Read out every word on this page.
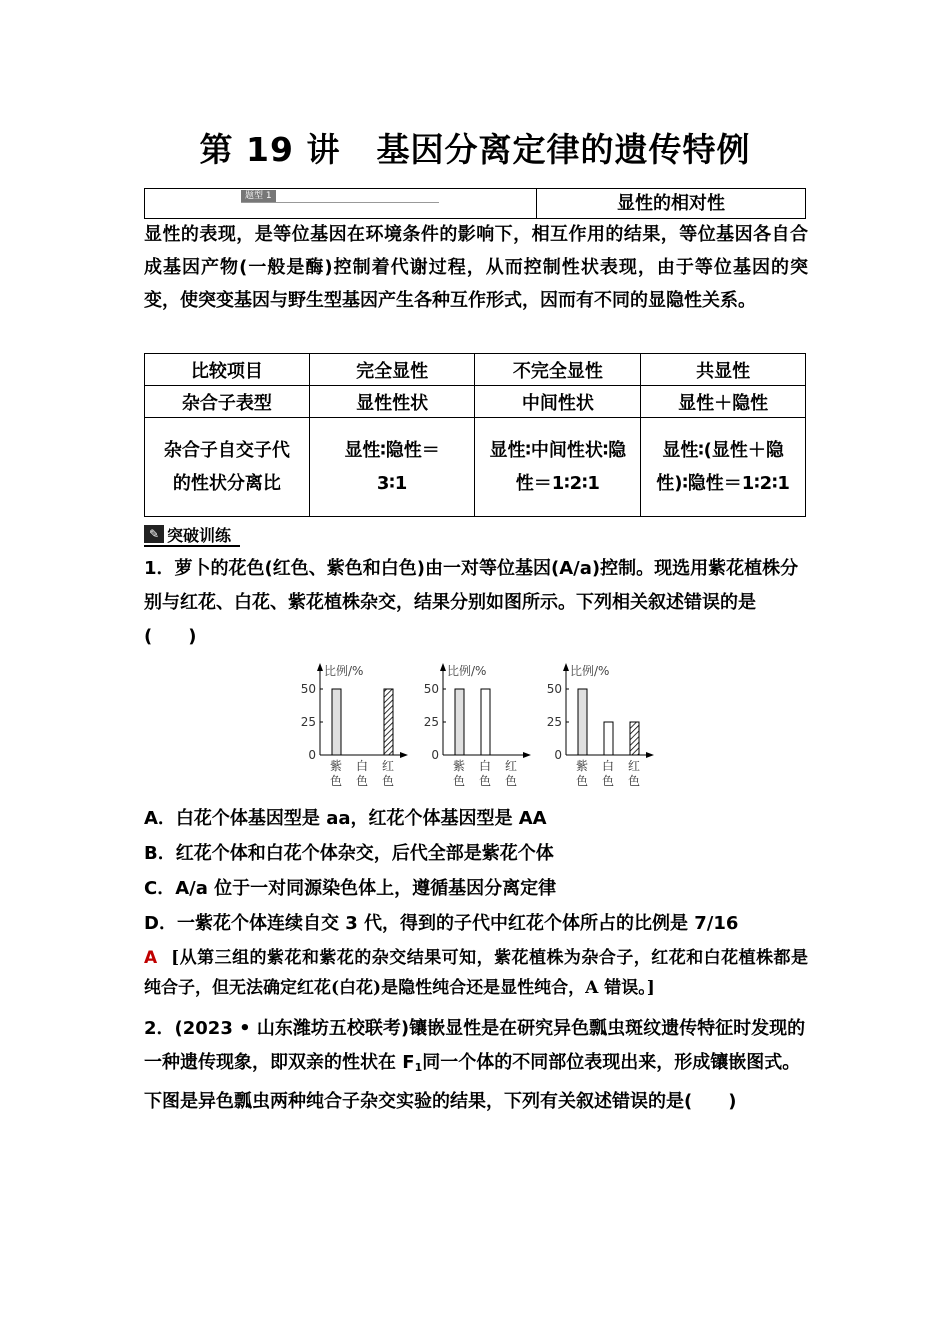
第 19 讲 基因分离定律的遗传特例
题型 1	显性的相对性
显性的表现，是等位基因在环境条件的影响下，相互作用的结果，等位基因各自合成基因产物(一般是酶)控制着代谢过程，从而控制性状表现，由于等位基因的突变，使突变基因与野生型基因产生各种互作形式，因而有不同的显隐性关系。
比较项目	完全显性	不完全显性	共显性
杂合子表型	显性性状	中间性状	显性＋隐性
杂合子自交子代的性状分离比	显性∶隐性＝3∶1	显性∶中间性状∶隐性＝1∶2∶1	显性∶(显性＋隐性)∶隐性＝1∶2∶1
✎ 突破训练
1．萝卜的花色(红色、紫色和白色)由一对等位基因(A/a)控制。现选用紫花植株分别与红花、白花、紫花植株杂交，结果分别如图所示。下列相关叙述错误的是　(　　)
比例/%
0
25
50
紫
色
白
色
红
色
比例/%
0
25
50
紫
色
白
色
红
色
比例/%
0
25
50
紫
色
白
色
红
色
A．白花个体基因型是 aa，红花个体基因型是 AA
B．红花个体和白花个体杂交，后代全部是紫花个体
C．A/a 位于一对同源染色体上，遵循基因分离定律
D．一紫花个体连续自交 3 代，得到的子代中红花个体所占的比例是 7/16
A [从第三组的紫花和紫花的杂交结果可知，紫花植株为杂合子，红花和白花植株都是纯合子，但无法确定红花(白花)是隐性纯合还是显性纯合，A 错误。]
2．(2023 • 山东潍坊五校联考)镶嵌显性是在研究异色瓢虫斑纹遗传特征时发现的一种遗传现象，即双亲的性状在 $F_1$同一个体的不同部位表现出来，形成镶嵌图式。下图是异色瓢虫两种纯合子杂交实验的结果，下列有关叙述错误的是(　　)
